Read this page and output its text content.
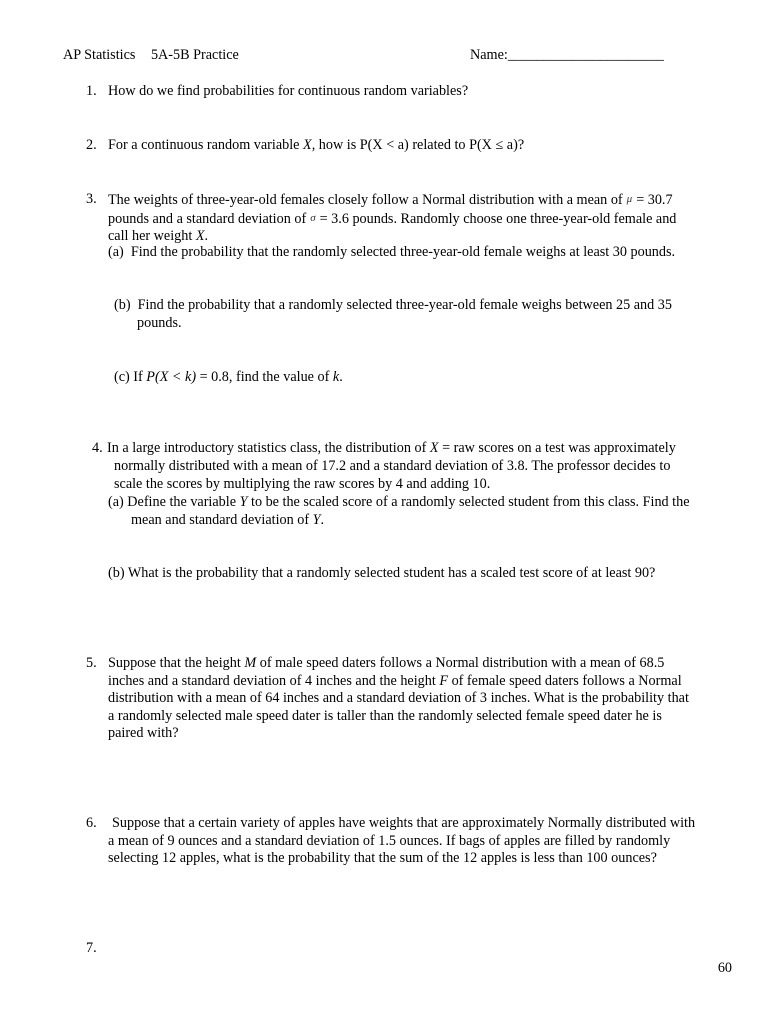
AP Statistics 5A-5B Practice	Name:______________________
1. How do we find probabilities for continuous random variables?
2. For a continuous random variable X, how is P(X < a) related to P(X ≤ a)?
3. The weights of three-year-old females closely follow a Normal distribution with a mean of μ = 30.7
pounds and a standard deviation of σ = 3.6 pounds. Randomly choose one three-year-old female and
call her weight X.
(a) Find the probability that the randomly selected three-year-old female weighs at least 30 pounds.
(b) Find the probability that a randomly selected three-year-old female weighs between 25 and 35
pounds.
(c) If P(X < k) = 0.8, find the value of k.
4. In a large introductory statistics class, the distribution of X = raw scores on a test was approximately
normally distributed with a mean of 17.2 and a standard deviation of 3.8. The professor decides to
scale the scores by multiplying the raw scores by 4 and adding 10.
(a) Define the variable Y to be the scaled score of a randomly selected student from this class. Find the
mean and standard deviation of Y.
(b) What is the probability that a randomly selected student has a scaled test score of at least 90?
5. Suppose that the height M of male speed daters follows a Normal distribution with a mean of 68.5
inches and a standard deviation of 4 inches and the height F of female speed daters follows a Normal
distribution with a mean of 64 inches and a standard deviation of 3 inches. What is the probability that
a randomly selected male speed dater is taller than the randomly selected female speed dater he is
paired with?
6. Suppose that a certain variety of apples have weights that are approximately Normally distributed with
a mean of 9 ounces and a standard deviation of 1.5 ounces. If bags of apples are filled by randomly
selecting 12 apples, what is the probability that the sum of the 12 apples is less than 100 ounces?
7.
60
